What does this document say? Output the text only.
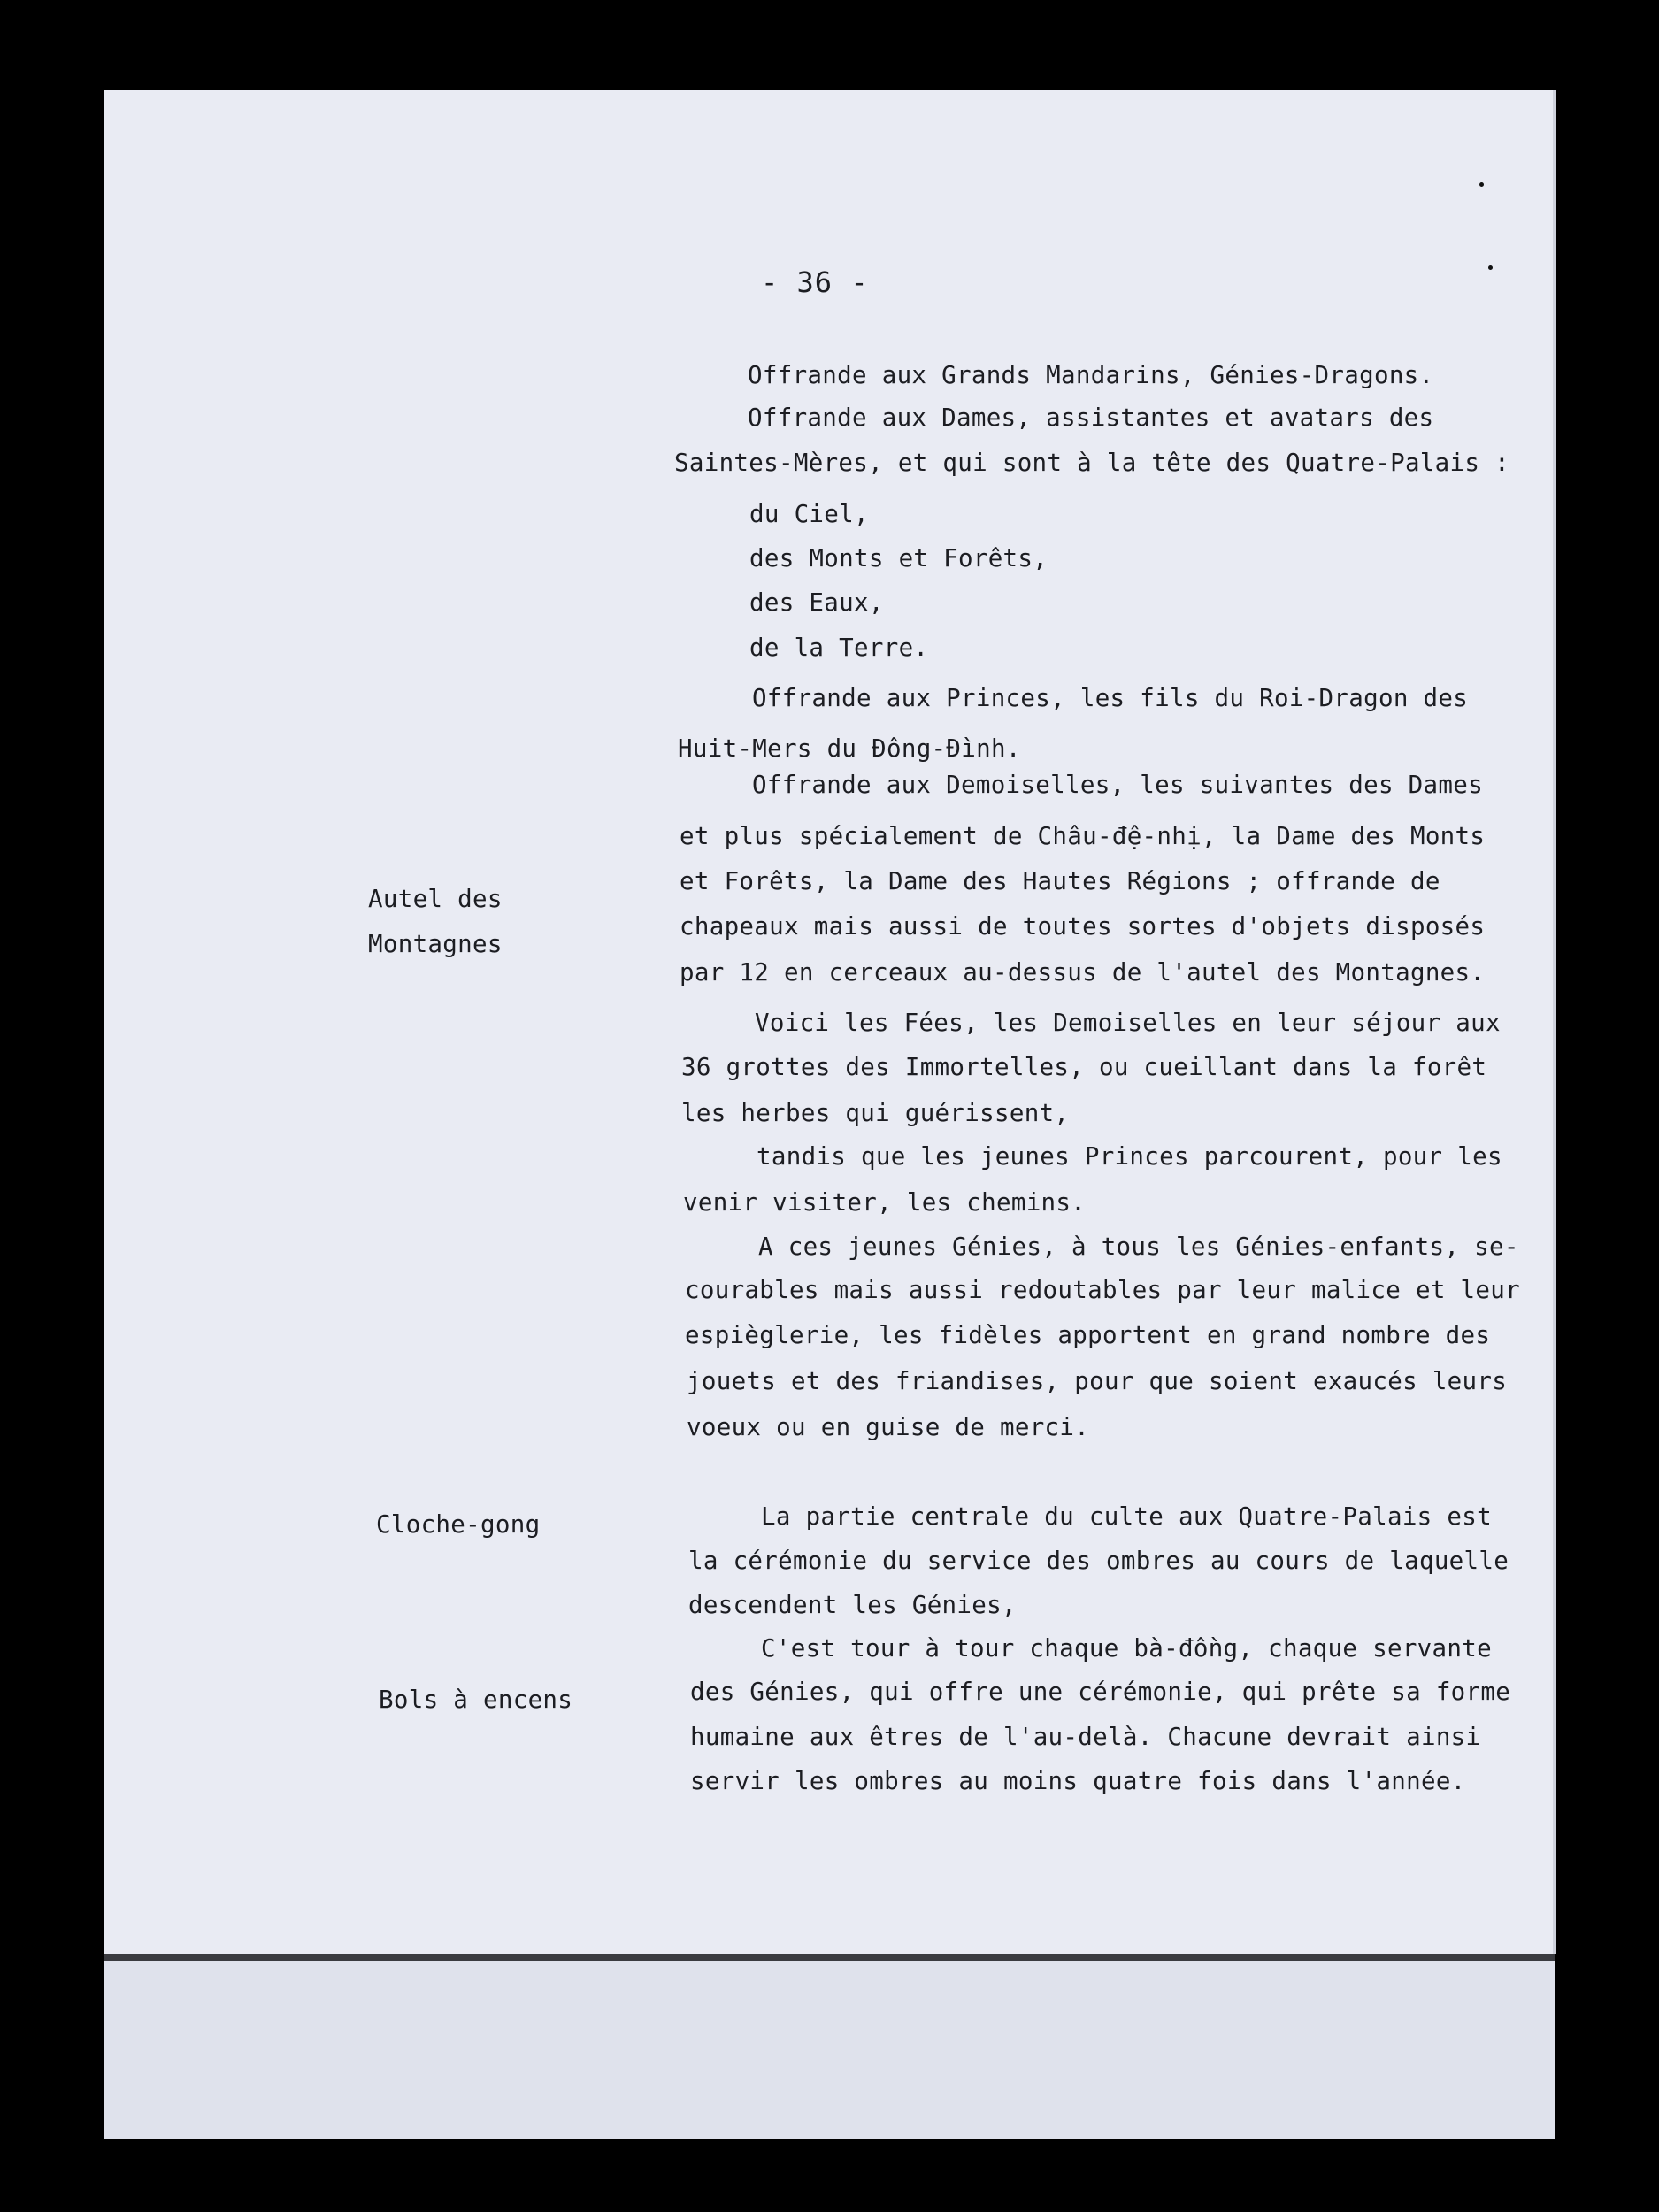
- 36 -
Autel des
Montagnes
Cloche-gong
Bols à encens
Offrande aux Grands Mandarins, Génies-Dragons.
Offrande aux Dames, assistantes et avatars des
Saintes-Mères, et qui sont à la tête des Quatre-Palais :
du Ciel,
des Monts et Forêts,
des Eaux,
de la Terre.
Offrande aux Princes, les fils du Roi-Dragon des
Huit-Mers du Đông-Đình.
Offrande aux Demoiselles, les suivantes des Dames
et plus spécialement de Châu-đệ-nhị, la Dame des Monts
et Forêts, la Dame des Hautes Régions ; offrande de
chapeaux mais aussi de toutes sortes d'objets disposés
par 12 en cerceaux au-dessus de l'autel des Montagnes.
Voici les Fées, les Demoiselles en leur séjour aux
36 grottes des Immortelles, ou cueillant dans la forêt
les herbes qui guérissent,
tandis que les jeunes Princes parcourent, pour les
venir visiter, les chemins.
A ces jeunes Génies, à tous les Génies-enfants, se-
courables mais aussi redoutables par leur malice et leur
espièglerie, les fidèles apportent en grand nombre des
jouets et des friandises, pour que soient exaucés leurs
voeux ou en guise de merci.
La partie centrale du culte aux Quatre-Palais est
la cérémonie du service des ombres au cours de laquelle
descendent les Génies,
C'est tour à tour chaque bà-đồng, chaque servante
des Génies, qui offre une cérémonie, qui prête sa forme
humaine aux êtres de l'au-delà. Chacune devrait ainsi
servir les ombres au moins quatre fois dans l'année.
